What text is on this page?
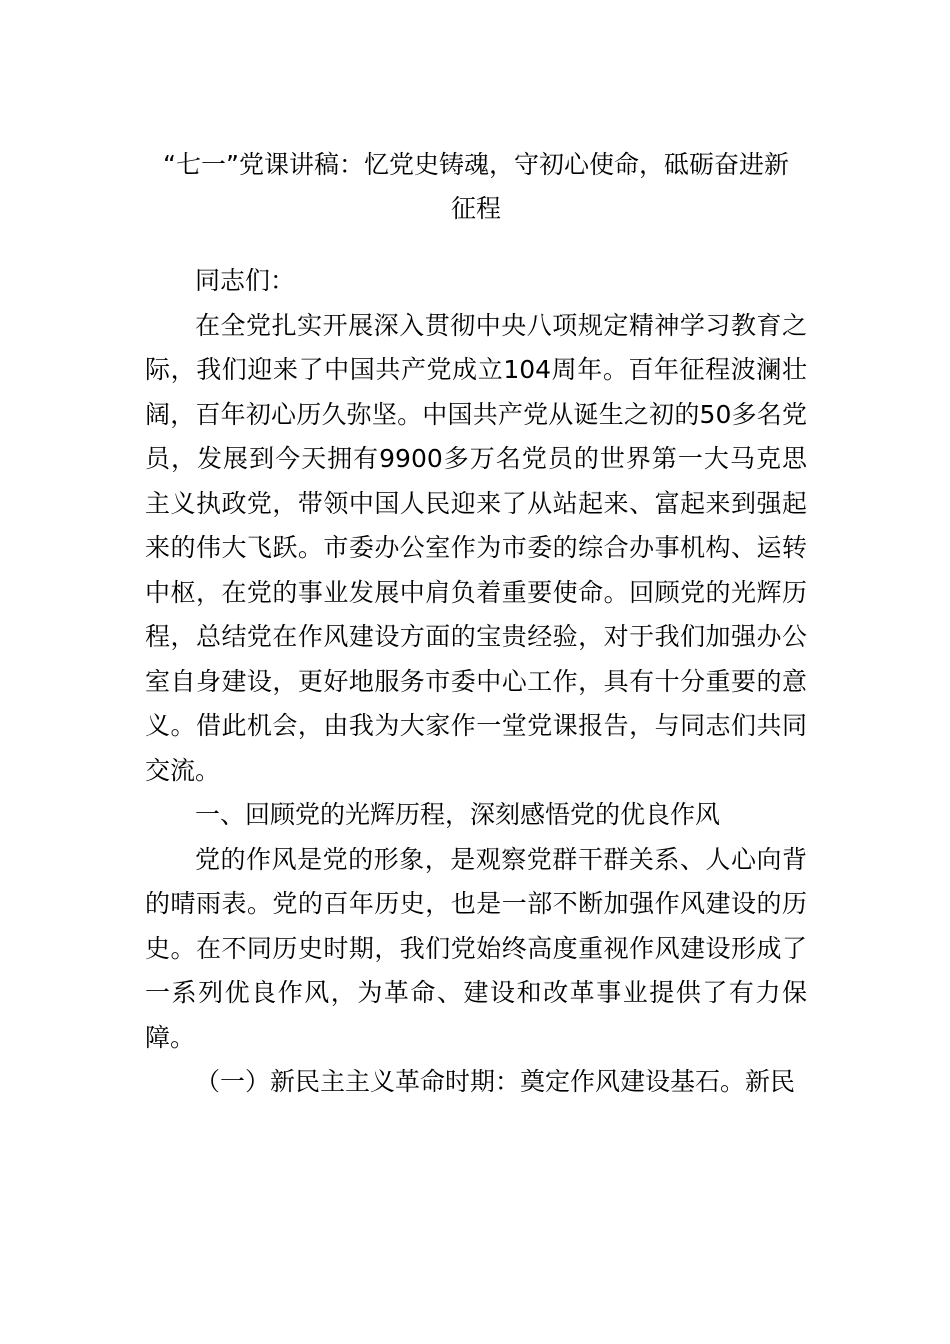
“七一”党课讲稿：忆党史铸魂，守初心使命，砥砺奋进新
征程

同志们：

在全党扎实开展深入贯彻中央八项规定精神学习教育之际，我们迎来了中国共产党成立104周年。百年征程波澜壮阔，百年初心历久弥坚。中国共产党从诞生之初的50多名党员，发展到今天拥有9900多万名党员的世界第一大马克思主义执政党，带领中国人民迎来了从站起来、富起来到强起来的伟大飞跃。市委办公室作为市委的综合办事机构、运转中枢，在党的事业发展中肩负着重要使命。回顾党的光辉历程，总结党在作风建设方面的宝贵经验，对于我们加强办公室自身建设，更好地服务市委中心工作，具有十分重要的意义。借此机会，由我为大家作一堂党课报告，与同志们共同交流。

一、回顾党的光辉历程，深刻感悟党的优良作风

党的作风是党的形象，是观察党群干群关系、人心向背的晴雨表。党的百年历史，也是一部不断加强作风建设的历史。在不同历史时期，我们党始终高度重视作风建设形成了一系列优良作风，为革命、建设和改革事业提供了有力保障。

（一）新民主主义革命时期：奠定作风建设基石。新民
